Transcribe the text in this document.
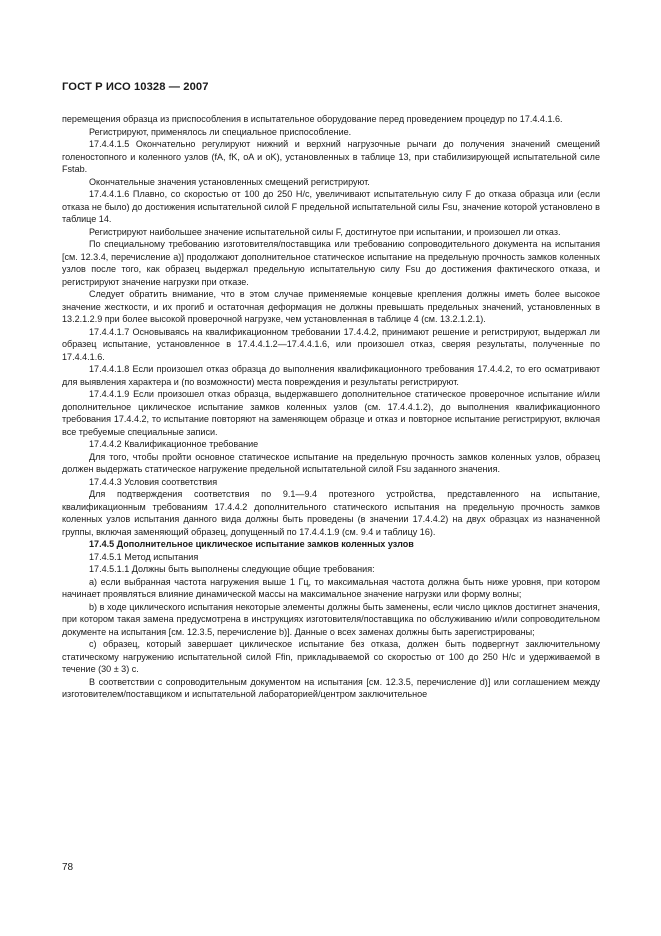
ГОСТ Р ИСО 10328 — 2007

перемещения образца из приспособления в испытательное оборудование перед проведением процедур по 17.4.4.1.6.

Регистрируют, применялось ли специальное приспособление.

17.4.4.1.5 Окончательно регулируют нижний и верхний нагрузочные рычаги до получения значений смещений голеностопного и коленного узлов (fA, fK, oA и oK), установленных в таблице 13, при стабилизирующей испытательной силе Fstab.

Окончательные значения установленных смещений регистрируют.

17.4.4.1.6 Плавно, со скоростью от 100 до 250 Н/с, увеличивают испытательную силу F до отказа образца или (если отказа не было) до достижения испытательной силой F предельной испытательной силы Fsu, значение которой установлено в таблице 14.

Регистрируют наибольшее значение испытательной силы F, достигнутое при испытании, и произошел ли отказ.

По специальному требованию изготовителя/поставщика или требованию сопроводительного документа на испытания [см. 12.3.4, перечисление а)] продолжают дополнительное статическое испытание на предельную прочность замков коленных узлов после того, как образец выдержал предельную испытательную силу Fsu до достижения фактического отказа, и регистрируют значение нагрузки при отказе.

Следует обратить внимание, что в этом случае применяемые концевые крепления должны иметь более высокое значение жесткости, и их прогиб и остаточная деформация не должны превышать предельных значений, установленных в 13.2.1.2.9 при более высокой проверочной нагрузке, чем установленная в таблице 4 (см. 13.2.1.2.1).

17.4.4.1.7 Основываясь на квалификационном требовании 17.4.4.2, принимают решение и регистрируют, выдержал ли образец испытание, установленное в 17.4.4.1.2—17.4.4.1.6, или произошел отказ, сверяя результаты, полученные по 17.4.4.1.6.

17.4.4.1.8 Если произошел отказ образца до выполнения квалификационного требования 17.4.4.2, то его осматривают для выявления характера и (по возможности) места повреждения и результаты регистрируют.

17.4.4.1.9 Если произошел отказ образца, выдержавшего дополнительное статическое проверочное испытание и/или дополнительное циклическое испытание замков коленных узлов (см. 17.4.4.1.2), до выполнения квалификационного требования 17.4.4.2, то испытание повторяют на заменяющем образце и отказ и повторное испытание регистрируют, включая все требуемые специальные записи.

17.4.4.2 Квалификационное требование

Для того, чтобы пройти основное статическое испытание на предельную прочность замков коленных узлов, образец должен выдержать статическое нагружение предельной испытательной силой Fsu заданного значения.

17.4.4.3 Условия соответствия

Для подтверждения соответствия по 9.1—9.4 протезного устройства, представленного на испытание, квалификационным требованиям 17.4.4.2 дополнительного статического испытания на предельную прочность замков коленных узлов испытания данного вида должны быть проведены (в значении 17.4.4.2) на двух образцах из назначенной группы, включая заменяющий образец, допущенный по 17.4.4.1.9 (см. 9.4 и таблицу 16).

17.4.5 Дополнительное циклическое испытание замков коленных узлов

17.4.5.1 Метод испытания

17.4.5.1.1 Должны быть выполнены следующие общие требования:

a) если выбранная частота нагружения выше 1 Гц, то максимальная частота должна быть ниже уровня, при котором начинает проявляться влияние динамической массы на максимальное значение нагрузки или форму волны;

b) в ходе циклического испытания некоторые элементы должны быть заменены, если число циклов достигнет значения, при котором такая замена предусмотрена в инструкциях изготовителя/поставщика по обслуживанию и/или сопроводительном документе на испытания [см. 12.3.5, перечисление b)]. Данные о всех заменах должны быть зарегистрированы;

c) образец, который завершает циклическое испытание без отказа, должен быть подвергнут заключительному статическому нагружению испытательной силой Ffin, прикладываемой со скоростью от 100 до 250 Н/с и удерживаемой в течение (30 ± 3) с.

В соответствии с сопроводительным документом на испытания [см. 12.3.5, перечисление d)] или соглашением между изготовителем/поставщиком и испытательной лабораторией/центром заключительное

78
